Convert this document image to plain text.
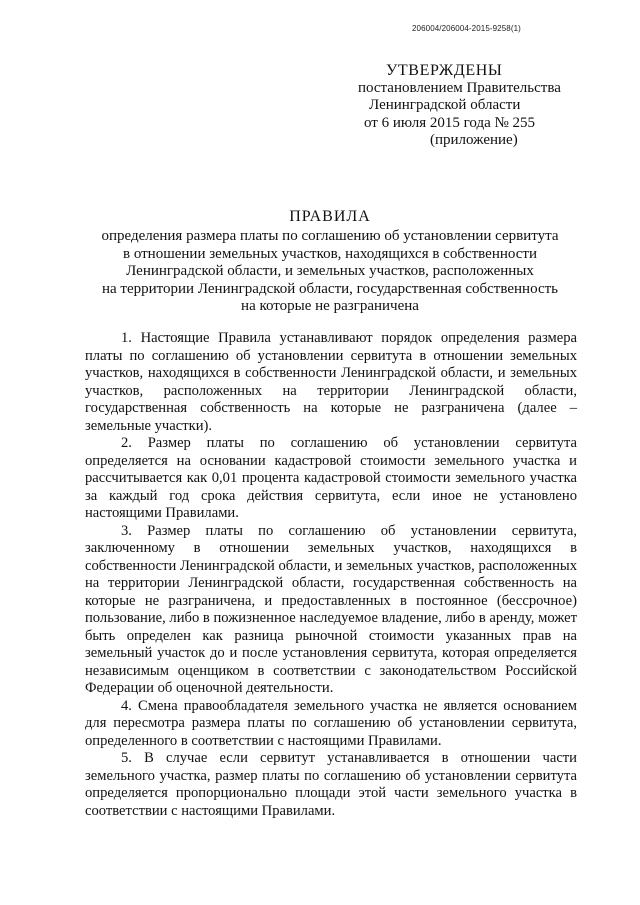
206004/206004-2015-9258(1)
УТВЕРЖДЕНЫ
постановлением Правительства
Ленинградской области
от 6 июля 2015 года № 255
(приложение)
ПРАВИЛА
определения размера платы по соглашению об установлении сервитута
в отношении земельных участков, находящихся в собственности
Ленинградской области, и земельных участков, расположенных
на территории Ленинградской области, государственная собственность
на которые не разграничена

1. Настоящие Правила устанавливают порядок определения размера платы по соглашению об установлении сервитута в отношении земельных участков, находящихся в собственности Ленинградской области, и земельных участков, расположенных на территории Ленинградской области, государственная собственность на которые не разграничена (далее – земельные участки).

2. Размер платы по соглашению об установлении сервитута определяется на основании кадастровой стоимости земельного участка и рассчитывается как 0,01 процента кадастровой стоимости земельного участка за каждый год срока действия сервитута, если иное не установлено настоящими Правилами.

3. Размер платы по соглашению об установлении сервитута, заключенному в отношении земельных участков, находящихся в собственности Ленинградской области, и земельных участков, расположенных на территории Ленинградской области, государственная собственность на которые не разграничена, и предоставленных в постоянное (бессрочное) пользование, либо в пожизненное наследуемое владение, либо в аренду, может быть определен как разница рыночной стоимости указанных прав на земельный участок до и после установления сервитута, которая определяется независимым оценщиком в соответствии с законодательством Российской Федерации об оценочной деятельности.

4. Смена правообладателя земельного участка не является основанием для пересмотра размера платы по соглашению об установлении сервитута, определенного в соответствии с настоящими Правилами.

5. В случае если сервитут устанавливается в отношении части земельного участка, размер платы по соглашению об установлении сервитута определяется пропорционально площади этой части земельного участка в соответствии с настоящими Правилами.
